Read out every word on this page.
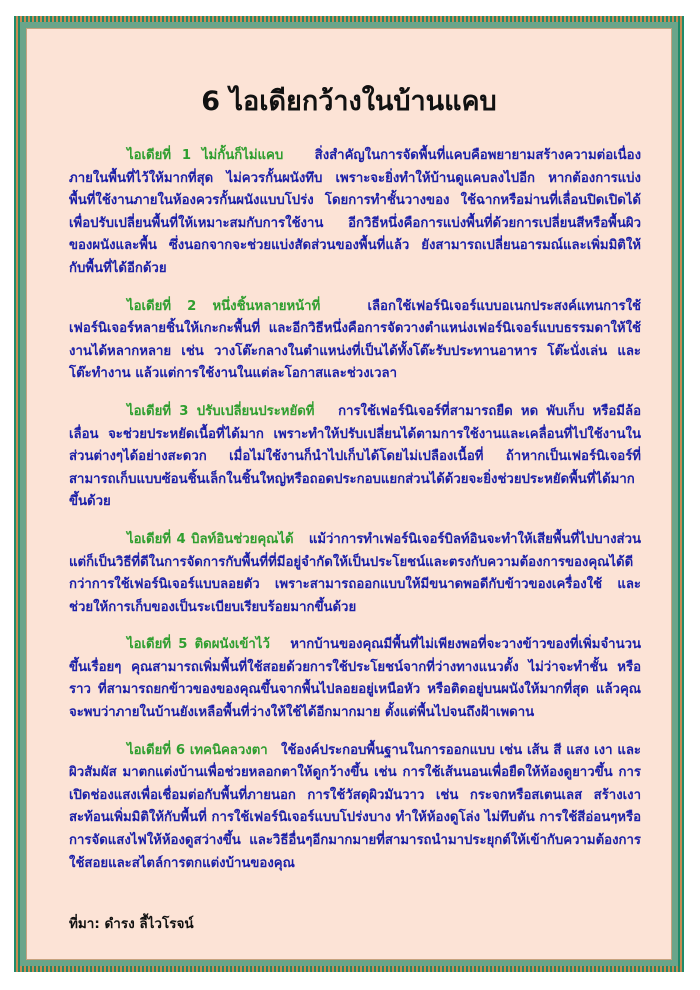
6 ไอเดียกว้างในบ้านแคบ

ไอเดียที่ 1 ไม่กั้นก็ไม่แคบ สิ่งสำคัญในการจัดพื้นที่แคบคือพยายามสร้างความต่อเนื่องภายในพื้นที่ไว้ให้มากที่สุด ไม่ควรกั้นผนังทึบ เพราะจะยิ่งทำให้บ้านดูแคบลงไปอีก หากต้องการแบ่งพื้นที่ใช้งานภายในห้องควรกั้นผนังแบบโปร่ง โดยการทำชั้นวางของ ใช้ฉากหรือม่านที่เลื่อนปิดเปิดได้ เพื่อปรับเปลี่ยนพื้นที่ให้เหมาะสมกับการใช้งาน อีกวิธีหนึ่งคือการแบ่งพื้นที่ด้วยการเปลี่ยนสีหรือพื้นผิวของผนังและพื้น ซึ่งนอกจากจะช่วยแบ่งสัดส่วนของพื้นที่แล้ว ยังสามารถเปลี่ยนอารมณ์และเพิ่มมิติให้กับพื้นที่ได้อีกด้วย

ไอเดียที่ 2 หนึ่งชิ้นหลายหน้าที่	เลือกใช้เฟอร์นิเจอร์แบบอเนกประสงค์แทนการใช้เฟอร์นิเจอร์หลายชิ้นให้เกะกะพื้นที่ และอีกวิธีหนึ่งคือการจัดวางตำแหน่งเฟอร์นิเจอร์แบบธรรมดาให้ใช้งานได้หลากหลาย เช่น วางโต๊ะกลางในตำแหน่งที่เป็นได้ทั้งโต๊ะรับประทานอาหาร โต๊ะนั่งเล่น และโต๊ะทำงาน แล้วแต่การใช้งานในแต่ละโอกาสและช่วงเวลา

ไอเดียที่ 3 ปรับเปลี่ยนประหยัดที่ การใช้เฟอร์นิเจอร์ที่สามารถยืด หด พับเก็บ หรือมีล้อเลื่อน จะช่วยประหยัดเนื้อที่ได้มาก เพราะทำให้ปรับเปลี่ยนได้ตามการใช้งานและเคลื่อนที่ไปใช้งานในส่วนต่างๆได้อย่างสะดวก เมื่อไม่ใช้งานก็นำไปเก็บได้โดยไม่เปลืองเนื้อที่ ถ้าหากเป็นเฟอร์นิเจอร์ที่สามารถเก็บแบบซ้อนชิ้นเล็กในชิ้นใหญ่หรือถอดประกอบแยกส่วนได้ด้วยจะยิ่งช่วยประหยัดพื้นที่ได้มากขึ้นด้วย

ไอเดียที่ 4 บิลท์อินช่วยคุณได้ แม้ว่าการทำเฟอร์นิเจอร์บิลท์อินจะทำให้เสียพื้นที่ไปบางส่วน แต่ก็เป็นวิธีที่ดีในการจัดการกับพื้นที่ที่มีอยู่จำกัดให้เป็นประโยชน์และตรงกับความต้องการของคุณได้ดีกว่าการใช้เฟอร์นิเจอร์แบบลอยตัว เพราะสามารถออกแบบให้มีขนาดพอดีกับข้าวของเครื่องใช้ และช่วยให้การเก็บของเป็นระเบียบเรียบร้อยมากขึ้นด้วย

ไอเดียที่ 5 ติดผนังเข้าไว้ หากบ้านของคุณมีพื้นที่ไม่เพียงพอที่จะวางข้าวของที่เพิ่มจำนวนขึ้นเรื่อยๆ คุณสามารถเพิ่มพื้นที่ใช้สอยด้วยการใช้ประโยชน์จากที่ว่างทางแนวตั้ง ไม่ว่าจะทำชั้น หรือราว ที่สามารถยกข้าวของของคุณขึ้นจากพื้นไปลอยอยู่เหนือหัว หรือติดอยู่บนผนังให้มากที่สุด แล้วคุณจะพบว่าภายในบ้านยังเหลือพื้นที่ว่างให้ใช้ได้อีกมากมาย ตั้งแต่พื้นไปจนถึงฝ้าเพดาน

ไอเดียที่ 6 เทคนิคลวงตา ใช้องค์ประกอบพื้นฐานในการออกแบบ เช่น เส้น สี แสง เงา และผิวสัมผัส มาตกแต่งบ้านเพื่อช่วยหลอกตาให้ดูกว้างขึ้น เช่น การใช้เส้นนอนเพื่อยืดให้ห้องดูยาวขึ้น การเปิดช่องแสงเพื่อเชื่อมต่อกับพื้นที่ภายนอก การใช้วัสดุผิวมันวาว เช่น กระจกหรือสเตนเลส สร้างเงาสะท้อนเพิ่มมิติให้กับพื้นที่ การใช้เฟอร์นิเจอร์แบบโปร่งบาง ทำให้ห้องดูโล่ง ไม่ทึบตัน การใช้สีอ่อนๆหรือการจัดแสงไฟให้ห้องดูสว่างขึ้น และวิธีอื่นๆอีกมากมายที่สามารถนำมาประยุกต์ให้เข้ากับความต้องการใช้สอยและสไตล์การตกแต่งบ้านของคุณ

ที่มา: ดำรง ลี้ไวโรจน์
